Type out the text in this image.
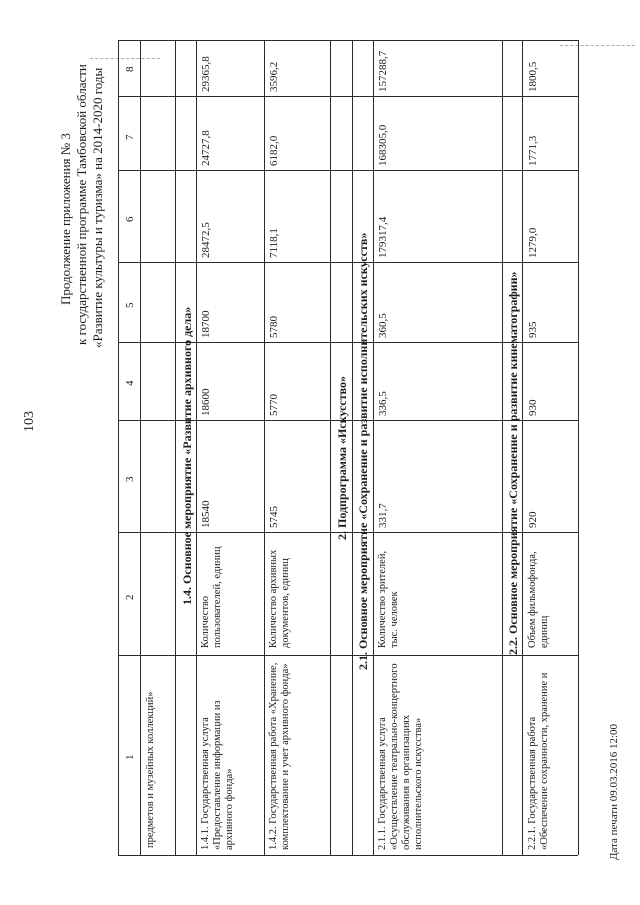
103
Продолжение приложения № 3 к государственной программе Тамбовской области «Развитие культуры и туризма» на 2014-2020 годы
Дата печати 09.03.2016 12:00
1
2
3
4
5
6
7
8
предметов и музейных коллекций»
1.4. Основное мероприятие «Развитие архивного дела»	2. Подпрограмма «Искусство» 2.1. Основное мероприятие «Сохранение и развитие исполнительских искусств»	2.2. Основное мероприятие «Сохранение и развитие кинематографии»
1.4.1. Государственная услуга «Предоставление информации из архивного фонда»
Количество пользователей, единиц
18540
18600
18700
28472,5
24727,8
29365,8
1.4.2. Государственная работа «Хранение, комплектование и учет архивного фонда»
Количество архивных документов, единиц
5745
5770
5780
7118,1
6182,0
3596,2
2.1.1. Государственная услуга «Осуществление театрально-концертного обслуживания в организациях исполнительского искусства»
Количество зрителей, тыс. человек
331,7
336,5
360,5
179317,4
168305,0
157288,7
2.2.1. Государственная работа «Обеспечение сохранности, хранение и
Объем фильмофонда, единиц
920
930
935
1279,0
1771,3
1800,5
